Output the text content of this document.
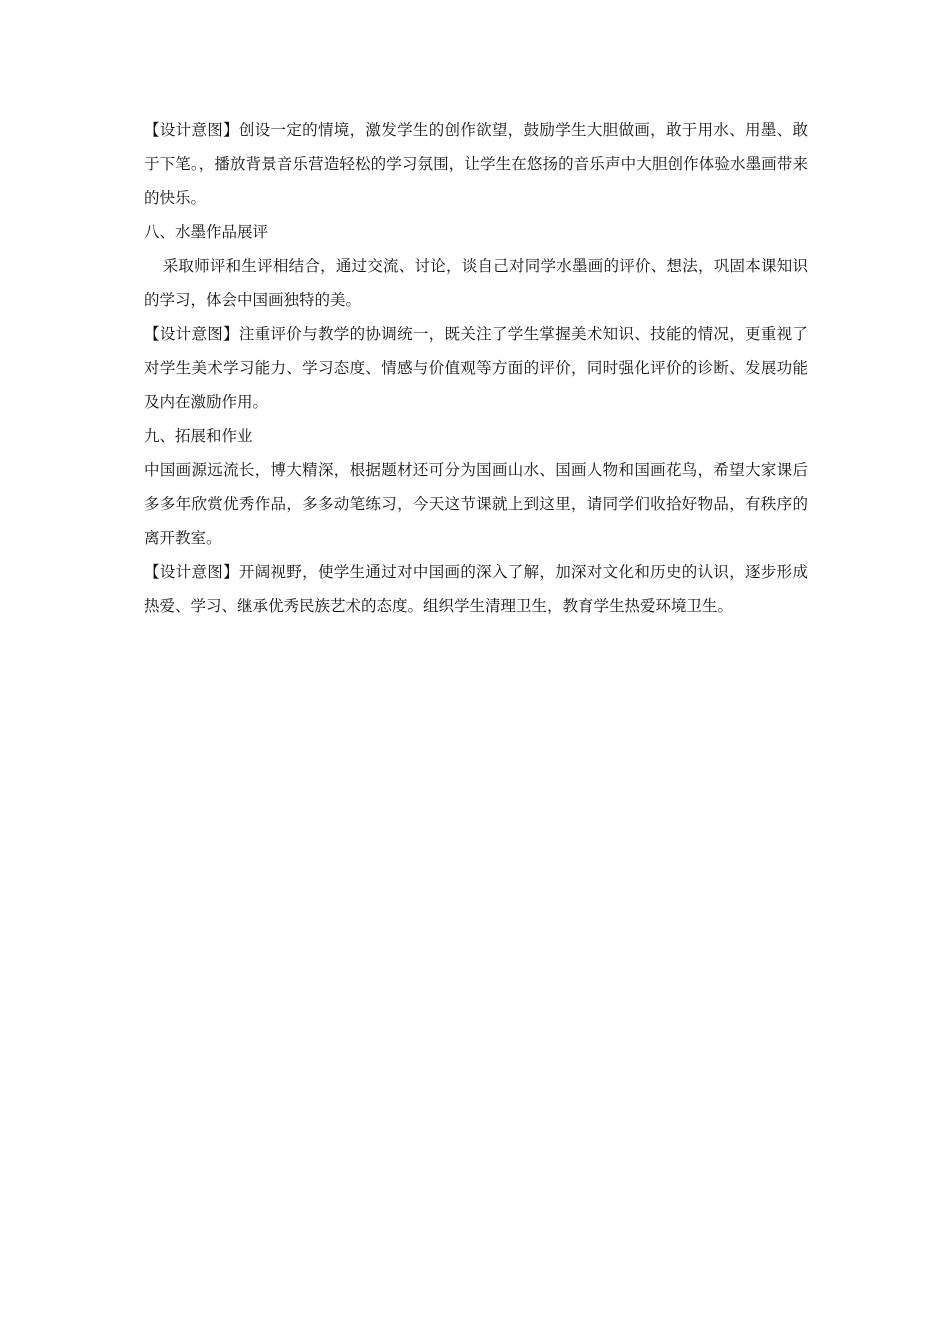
【设计意图】创设一定的情境，激发学生的创作欲望，鼓励学生大胆做画，敢于用水、用墨、敢于下笔。，播放背景音乐营造轻松的学习氛围，让学生在悠扬的音乐声中大胆创作体验水墨画带来的快乐。

八、水墨作品展评

采取师评和生评相结合，通过交流、讨论，谈自己对同学水墨画的评价、想法，巩固本课知识的学习，体会中国画独特的美。

【设计意图】注重评价与教学的协调统一，既关注了学生掌握美术知识、技能的情况，更重视了对学生美术学习能力、学习态度、情感与价值观等方面的评价，同时强化评价的诊断、发展功能及内在激励作用。

九、拓展和作业

中国画源远流长，博大精深，根据题材还可分为国画山水、国画人物和国画花鸟，希望大家课后多多年欣赏优秀作品，多多动笔练习，今天这节课就上到这里，请同学们收拾好物品，有秩序的离开教室。

【设计意图】开阔视野，使学生通过对中国画的深入了解，加深对文化和历史的认识，逐步形成热爱、学习、继承优秀民族艺术的态度。组织学生清理卫生，教育学生热爱环境卫生。
